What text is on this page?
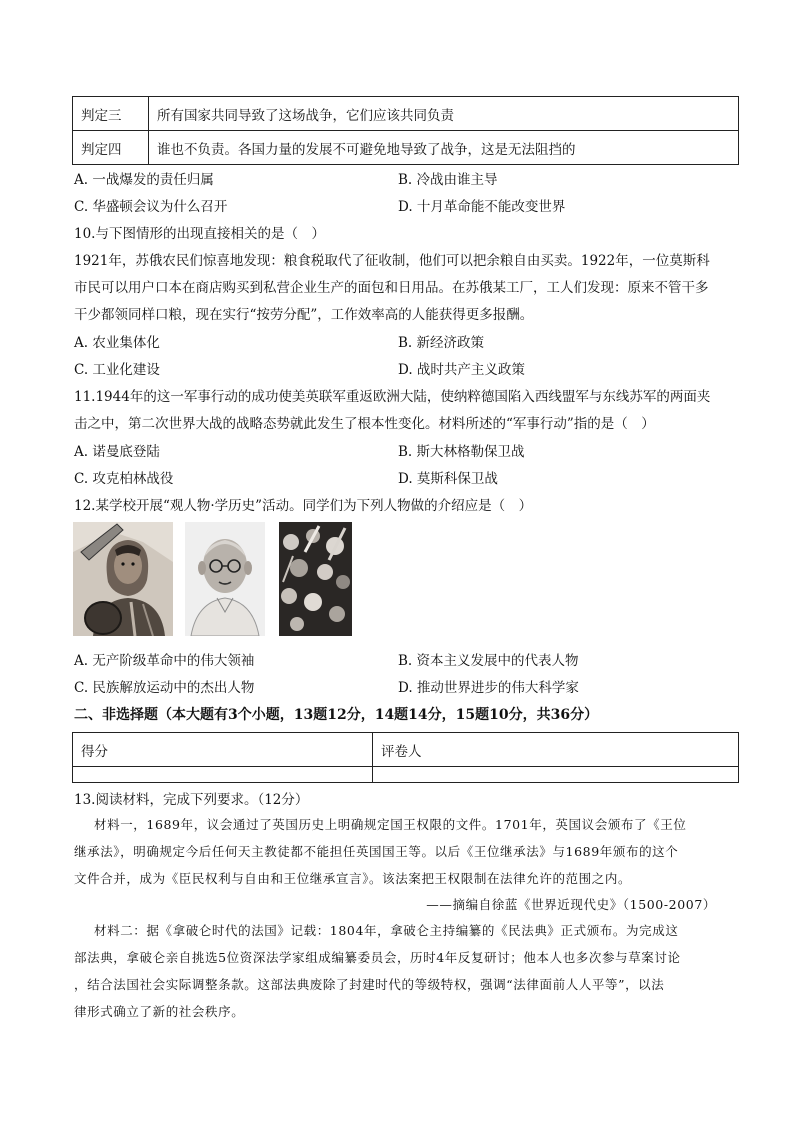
判定三	所有国家共同导致了这场战争，它们应该共同负责
判定四	谁也不负责。各国力量的发展不可避免地导致了战争，这是无法阻挡的
A. 一战爆发的责任归属	B. 冷战由谁主导
C. 华盛顿会议为什么召开	D. 十月革命能不能改变世界
10.与下图情形的出现直接相关的是（　）
1921年，苏俄农民们惊喜地发现：粮食税取代了征收制，他们可以把余粮自由买卖。1922年，一位莫斯科
市民可以用户口本在商店购买到私营企业生产的面包和日用品。在苏俄某工厂，工人们发现：原来不管干多
干少都领同样口粮，现在实行“按劳分配”，工作效率高的人能获得更多报酬。
A. 农业集体化	B. 新经济政策
C. 工业化建设	D. 战时共产主义政策
11.1944年的这一军事行动的成功使美英联军重返欧洲大陆，使纳粹德国陷入西线盟军与东线苏军的两面夹
击之中，第二次世界大战的战略态势就此发生了根本性变化。材料所述的“军事行动”指的是（　）
A. 诺曼底登陆	B. 斯大林格勒保卫战
C. 攻克柏林战役	D. 莫斯科保卫战
12.某学校开展“观人物·学历史”活动。同学们为下列人物做的介绍应是（　）
A. 无产阶级革命中的伟大领袖	B. 资本主义发展中的代表人物
C. 民族解放运动中的杰出人物	D. 推动世界进步的伟大科学家
二、非选择题（本大题有3个小题，13题12分，14题14分，15题10分，共36分）
得分	评卷人

13.阅读材料，完成下列要求。（12分）
材料一，1689年，议会通过了英国历史上明确规定国王权限的文件。1701年，英国议会颁布了《王位
继承法》，明确规定今后任何天主教徒都不能担任英国国王等。以后《王位继承法》与1689年颁布的这个
文件合并，成为《臣民权利与自由和王位继承宣言》。该法案把王权限制在法律允许的范围之内。
——摘编自徐蓝《世界近现代史》（1500-2007）
材料二：据《拿破仑时代的法国》记载：1804年，拿破仑主持编纂的《民法典》正式颁布。为完成这
部法典，拿破仑亲自挑选5位资深法学家组成编纂委员会，历时4年反复研讨；他本人也多次参与草案讨论
，结合法国社会实际调整条款。这部法典废除了封建时代的等级特权，强调“法律面前人人平等”，以法
律形式确立了新的社会秩序。
